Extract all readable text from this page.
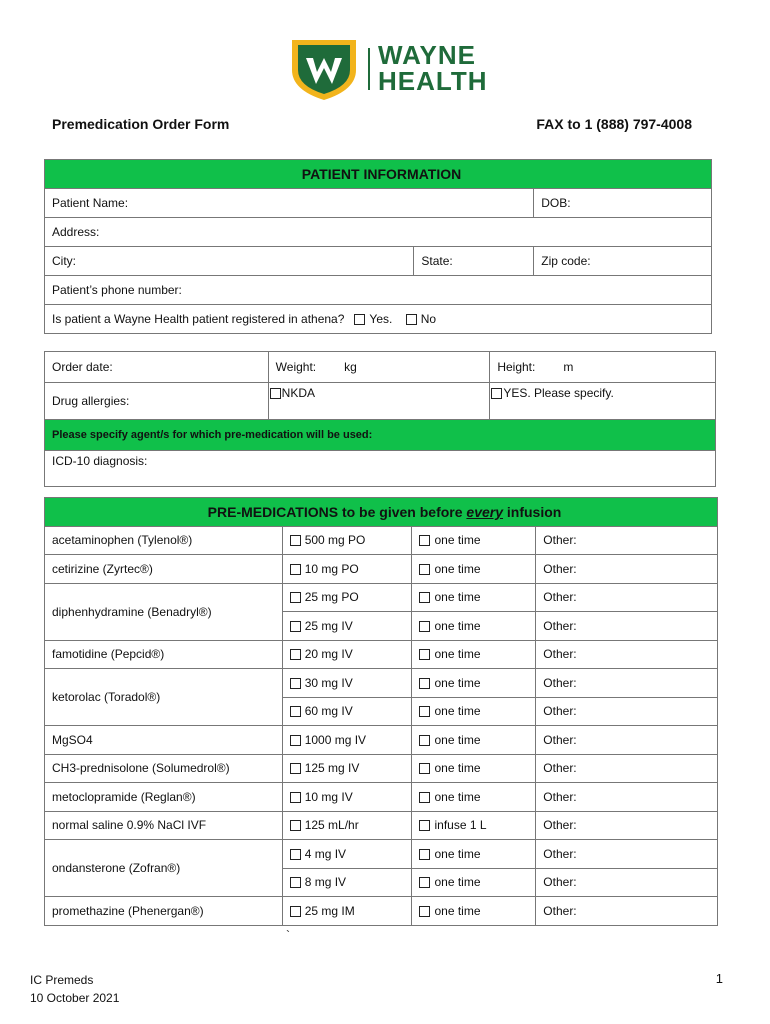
WAYNE
HEALTH
Premedication Order Form	FAX to 1 (888) 797-4008
PATIENT INFORMATION		
Patient Name:		DOB:
Address:		
City:	State:	Zip code:
Patient’s phone number:		
Is patient a Wayne Health patient registered in athena? Yes. No		
Order date:	Weight: kg	Height: m
Drug allergies:	NKDA	YES. Please specify.
Please specify agent/s for which pre-medication will be used:		
ICD-10 diagnosis:		
PRE-MEDICATIONS to be given before every infusion			
acetaminophen (Tylenol®)	500 mg PO	one time	Other:
cetirizine (Zyrtec®)	10 mg PO	one time	Other:
diphenhydramine (Benadryl®)	25 mg PO	one time	Other:
	25 mg IV	one time	Other:
famotidine (Pepcid®)	20 mg IV	one time	Other:
ketorolac (Toradol®)	30 mg IV	one time	Other:
	60 mg IV	one time	Other:
MgSO4	1000 mg IV	one time	Other:
CH3-prednisolone (Solumedrol®)	125 mg IV	one time	Other:
metoclopramide (Reglan®)	10 mg IV	one time	Other:
normal saline 0.9% NaCl IVF	125 mL/hr	infuse 1 L	Other:
ondansterone (Zofran®)	4 mg IV	one time	Other:
	8 mg IV	one time	Other:
promethazine (Phenergan®)	25 mg IM	one time	Other:
`
IC Premeds
10 October 2021
1
